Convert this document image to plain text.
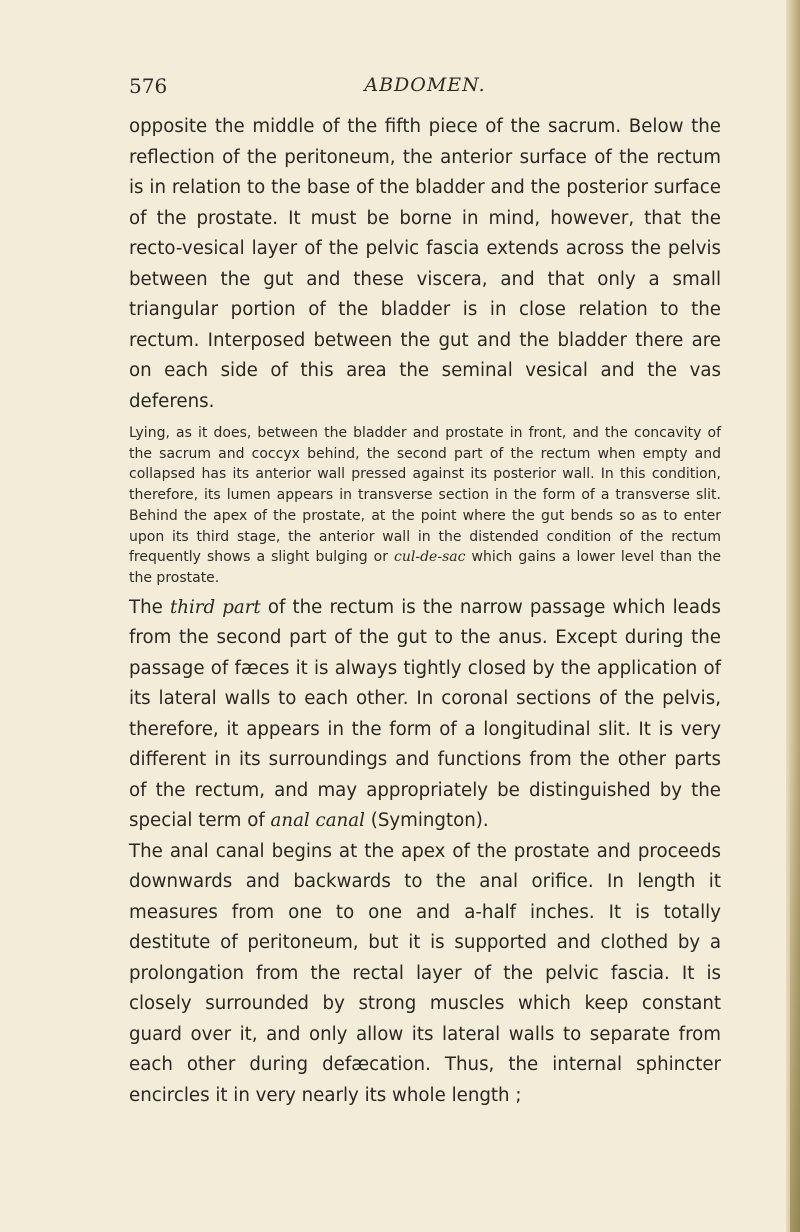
576	ABDOMEN.

opposite the middle of the fifth piece of the sacrum. Below the reflection of the peritoneum, the anterior surface of the rectum is in relation to the base of the bladder and the posterior surface of the prostate. It must be borne in mind, however, that the recto-vesical layer of the pelvic fascia extends across the pelvis between the gut and these viscera, and that only a small triangular portion of the bladder is in close relation to the rectum. Interposed between the gut and the bladder there are on each side of this area the seminal vesical and the vas deferens.

Lying, as it does, between the bladder and prostate in front, and the concavity of the sacrum and coccyx behind, the second part of the rectum when empty and collapsed has its anterior wall pressed against its posterior wall. In this condition, therefore, its lumen appears in transverse section in the form of a transverse slit. Behind the apex of the prostate, at the point where the gut bends so as to enter upon its third stage, the anterior wall in the distended condition of the rectum frequently shows a slight bulging or cul-de-sac which gains a lower level than the the prostate.

The third part of the rectum is the narrow passage which leads from the second part of the gut to the anus. Except during the passage of fæces it is always tightly closed by the application of its lateral walls to each other. In coronal sections of the pelvis, therefore, it appears in the form of a longitudinal slit. It is very different in its surroundings and functions from the other parts of the rectum, and may appropriately be distinguished by the special term of anal canal (Symington).

The anal canal begins at the apex of the prostate and proceeds downwards and backwards to the anal orifice. In length it measures from one to one and a-half inches. It is totally destitute of peritoneum, but it is supported and clothed by a prolongation from the rectal layer of the pelvic fascia. It is closely surrounded by strong muscles which keep constant guard over it, and only allow its lateral walls to separate from each other during defæcation. Thus, the internal sphincter encircles it in very nearly its whole length ;
